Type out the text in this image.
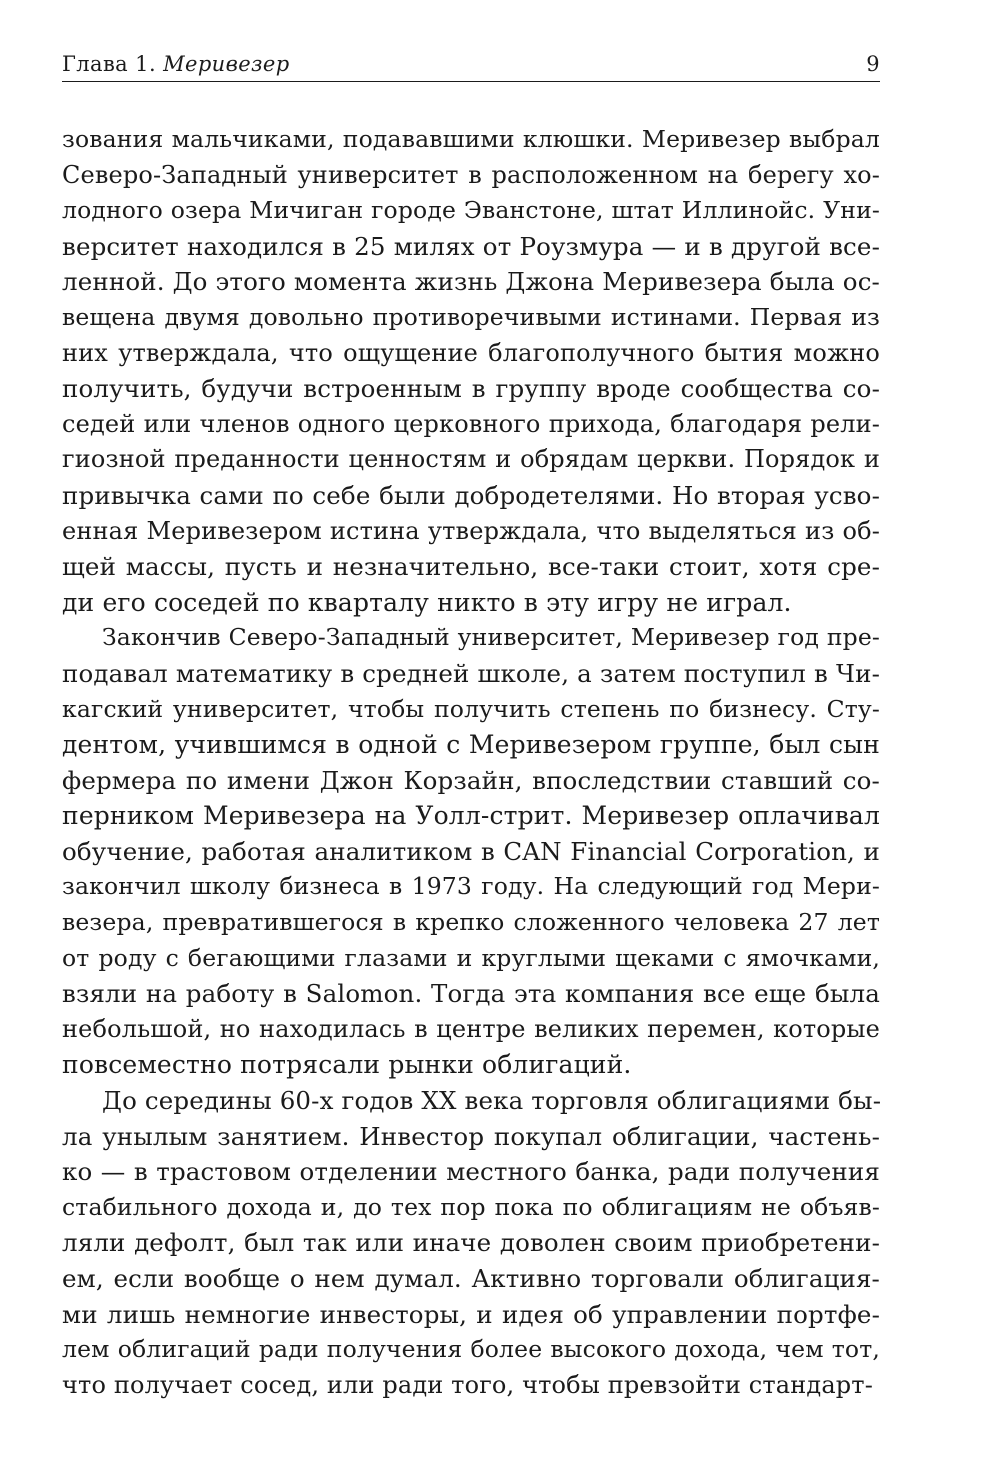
Глава 1. Меривезер	9
зования мальчиками, подававшими клюшки. Меривезер выбрал
Северо-Западный университет в расположенном на берегу хо-
лодного озера Мичиган городе Эванстоне, штат Иллинойс. Уни-
верситет находился в 25 милях от Роузмура — и в другой все-
ленной. До этого момента жизнь Джона Меривезера была ос-
вещена двумя довольно противоречивыми истинами. Первая из
них утверждала, что ощущение благополучного бытия можно
получить, будучи встроенным в группу вроде сообщества со-
седей или членов одного церковного прихода, благодаря рели-
гиозной преданности ценностям и обрядам церкви. Порядок и
привычка сами по себе были добродетелями. Но вторая усво-
енная Меривезером истина утверждала, что выделяться из об-
щей массы, пусть и незначительно, все-таки стоит, хотя сре-
ди его соседей по кварталу никто в эту игру не играл.
Закончив Северо-Западный университет, Меривезер год пре-
подавал математику в средней школе, а затем поступил в Чи-
кагский университет, чтобы получить степень по бизнесу. Сту-
дентом, учившимся в одной с Меривезером группе, был сын
фермера по имени Джон Корзайн, впоследствии ставший со-
перником Меривезера на Уолл-стрит. Меривезер оплачивал
обучение, работая аналитиком в CAN Financial Corporation, и
закончил школу бизнеса в 1973 году. На следующий год Мери-
везера, превратившегося в крепко сложенного человека 27 лет
от роду с бегающими глазами и круглыми щеками с ямочками,
взяли на работу в Salomon. Тогда эта компания все еще была
небольшой, но находилась в центре великих перемен, которые
повсеместно потрясали рынки облигаций.
До середины 60-х годов XX века торговля облигациями бы-
ла унылым занятием. Инвестор покупал облигации, частень-
ко — в трастовом отделении местного банка, ради получения
стабильного дохода и, до тех пор пока по облигациям не объяв-
ляли дефолт, был так или иначе доволен своим приобретени-
ем, если вообще о нем думал. Активно торговали облигация-
ми лишь немногие инвесторы, и идея об управлении портфе-
лем облигаций ради получения более высокого дохода, чем тот,
что получает сосед, или ради того, чтобы превзойти стандарт-
